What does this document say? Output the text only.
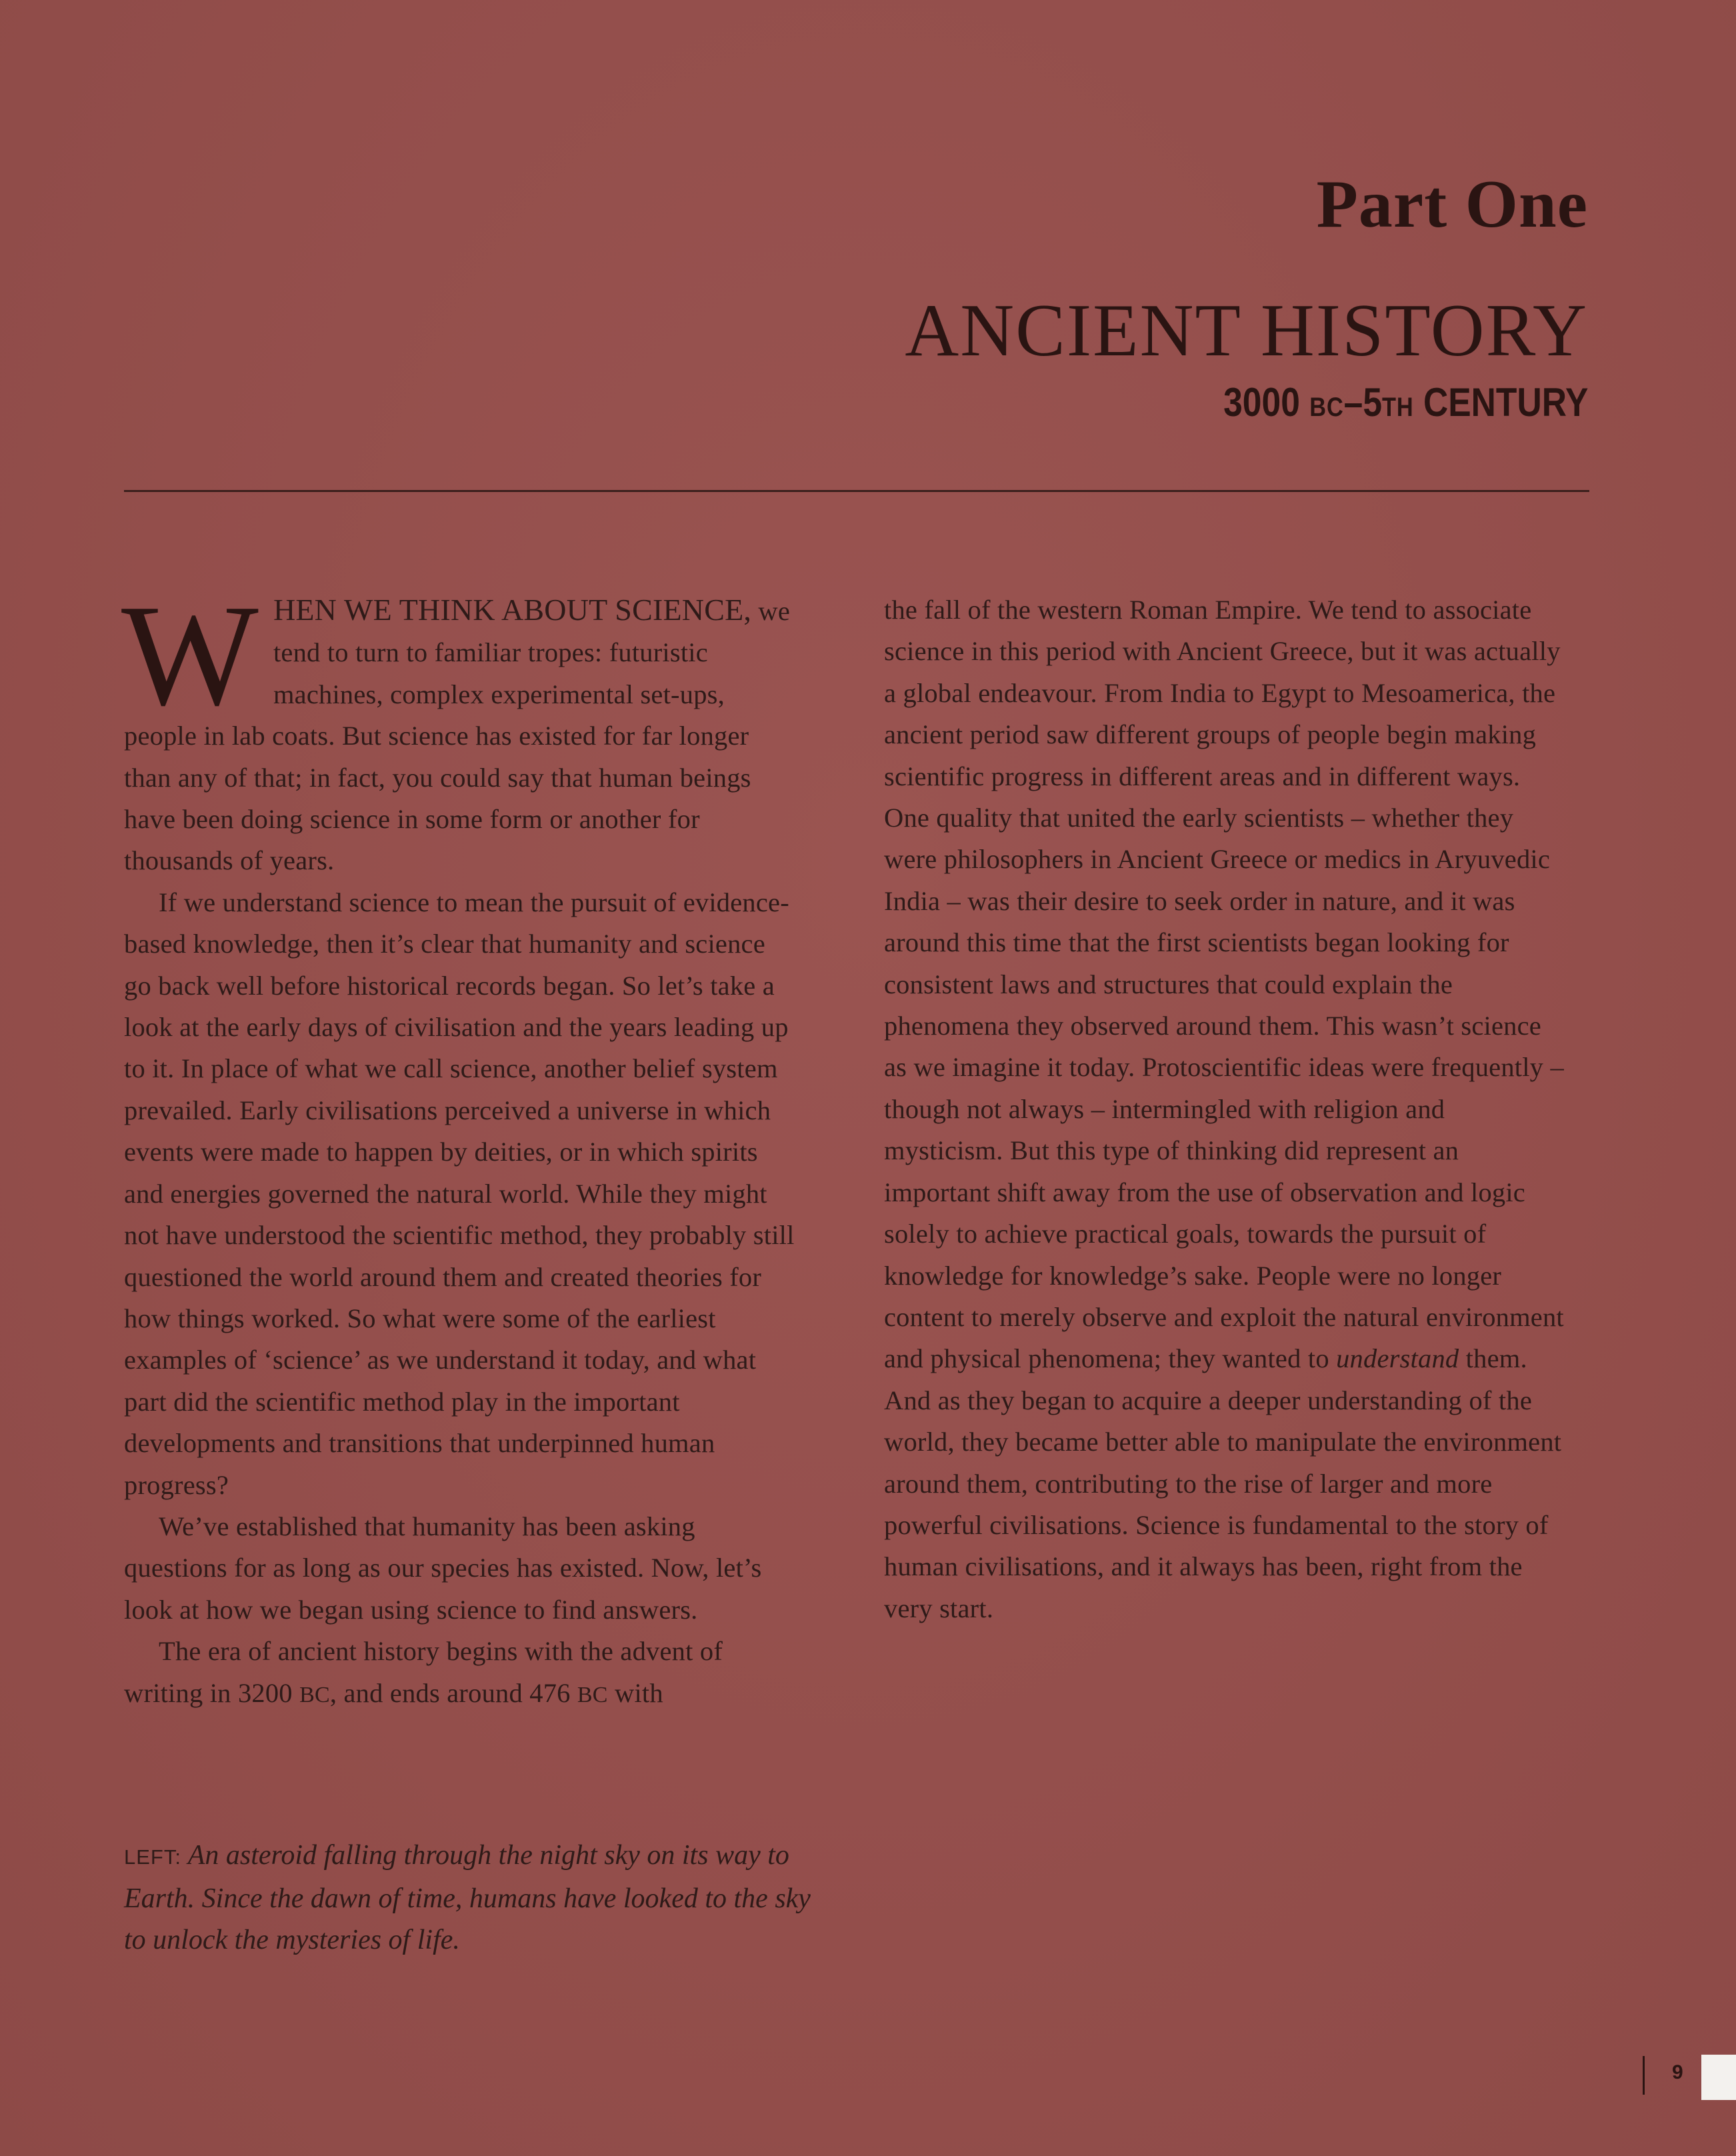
Part One
ANCIENT HISTORY
3000 BC–5TH CENTURY

WHEN WE THINK ABOUT SCIENCE, we tend to turn to familiar tropes: futuristic machines, complex experimental set-ups, people in lab coats. But science has existed for far longer than any of that; in fact, you could say that human beings have been doing science in some form or another for thousands of years.

If we understand science to mean the pursuit of evidence-based knowledge, then it’s clear that humanity and science go back well before historical records began. So let’s take a look at the early days of civilisation and the years leading up to it. In place of what we call science, another belief system prevailed. Early civilisations perceived a universe in which events were made to happen by deities, or in which spirits and energies governed the natural world. While they might not have understood the scientific method, they probably still questioned the world around them and created theories for how things worked. So what were some of the earliest examples of ‘science’ as we understand it today, and what part did the scientific method play in the important developments and transitions that underpinned human progress?

We’ve established that humanity has been asking questions for as long as our species has existed. Now, let’s look at how we began using science to find answers.

The era of ancient history begins with the advent of writing in 3200 BC, and ends around 476 BC with

the fall of the western Roman Empire. We tend to associate science in this period with Ancient Greece, but it was actually a global endeavour. From India to Egypt to Mesoamerica, the ancient period saw different groups of people begin making scientific progress in different areas and in different ways. One quality that united the early scientists – whether they were philosophers in Ancient Greece or medics in Aryuvedic India – was their desire to seek order in nature, and it was around this time that the first scientists began looking for consistent laws and structures that could explain the phenomena they observed around them. This wasn’t science as we imagine it today. Protoscientific ideas were frequently – though not always – intermingled with religion and mysticism. But this type of thinking did represent an important shift away from the use of observation and logic solely to achieve practical goals, towards the pursuit of knowledge for knowledge’s sake. People were no longer content to merely observe and exploit the natural environment and physical phenomena; they wanted to understand them. And as they began to acquire a deeper understanding of the world, they became better able to manipulate the environment around them, contributing to the rise of larger and more powerful civilisations. Science is fundamental to the story of human civilisations, and it always has been, right from the very start.

LEFT: An asteroid falling through the night sky on its way to Earth. Since the dawn of time, humans have looked to the sky to unlock the mysteries of life.
9
